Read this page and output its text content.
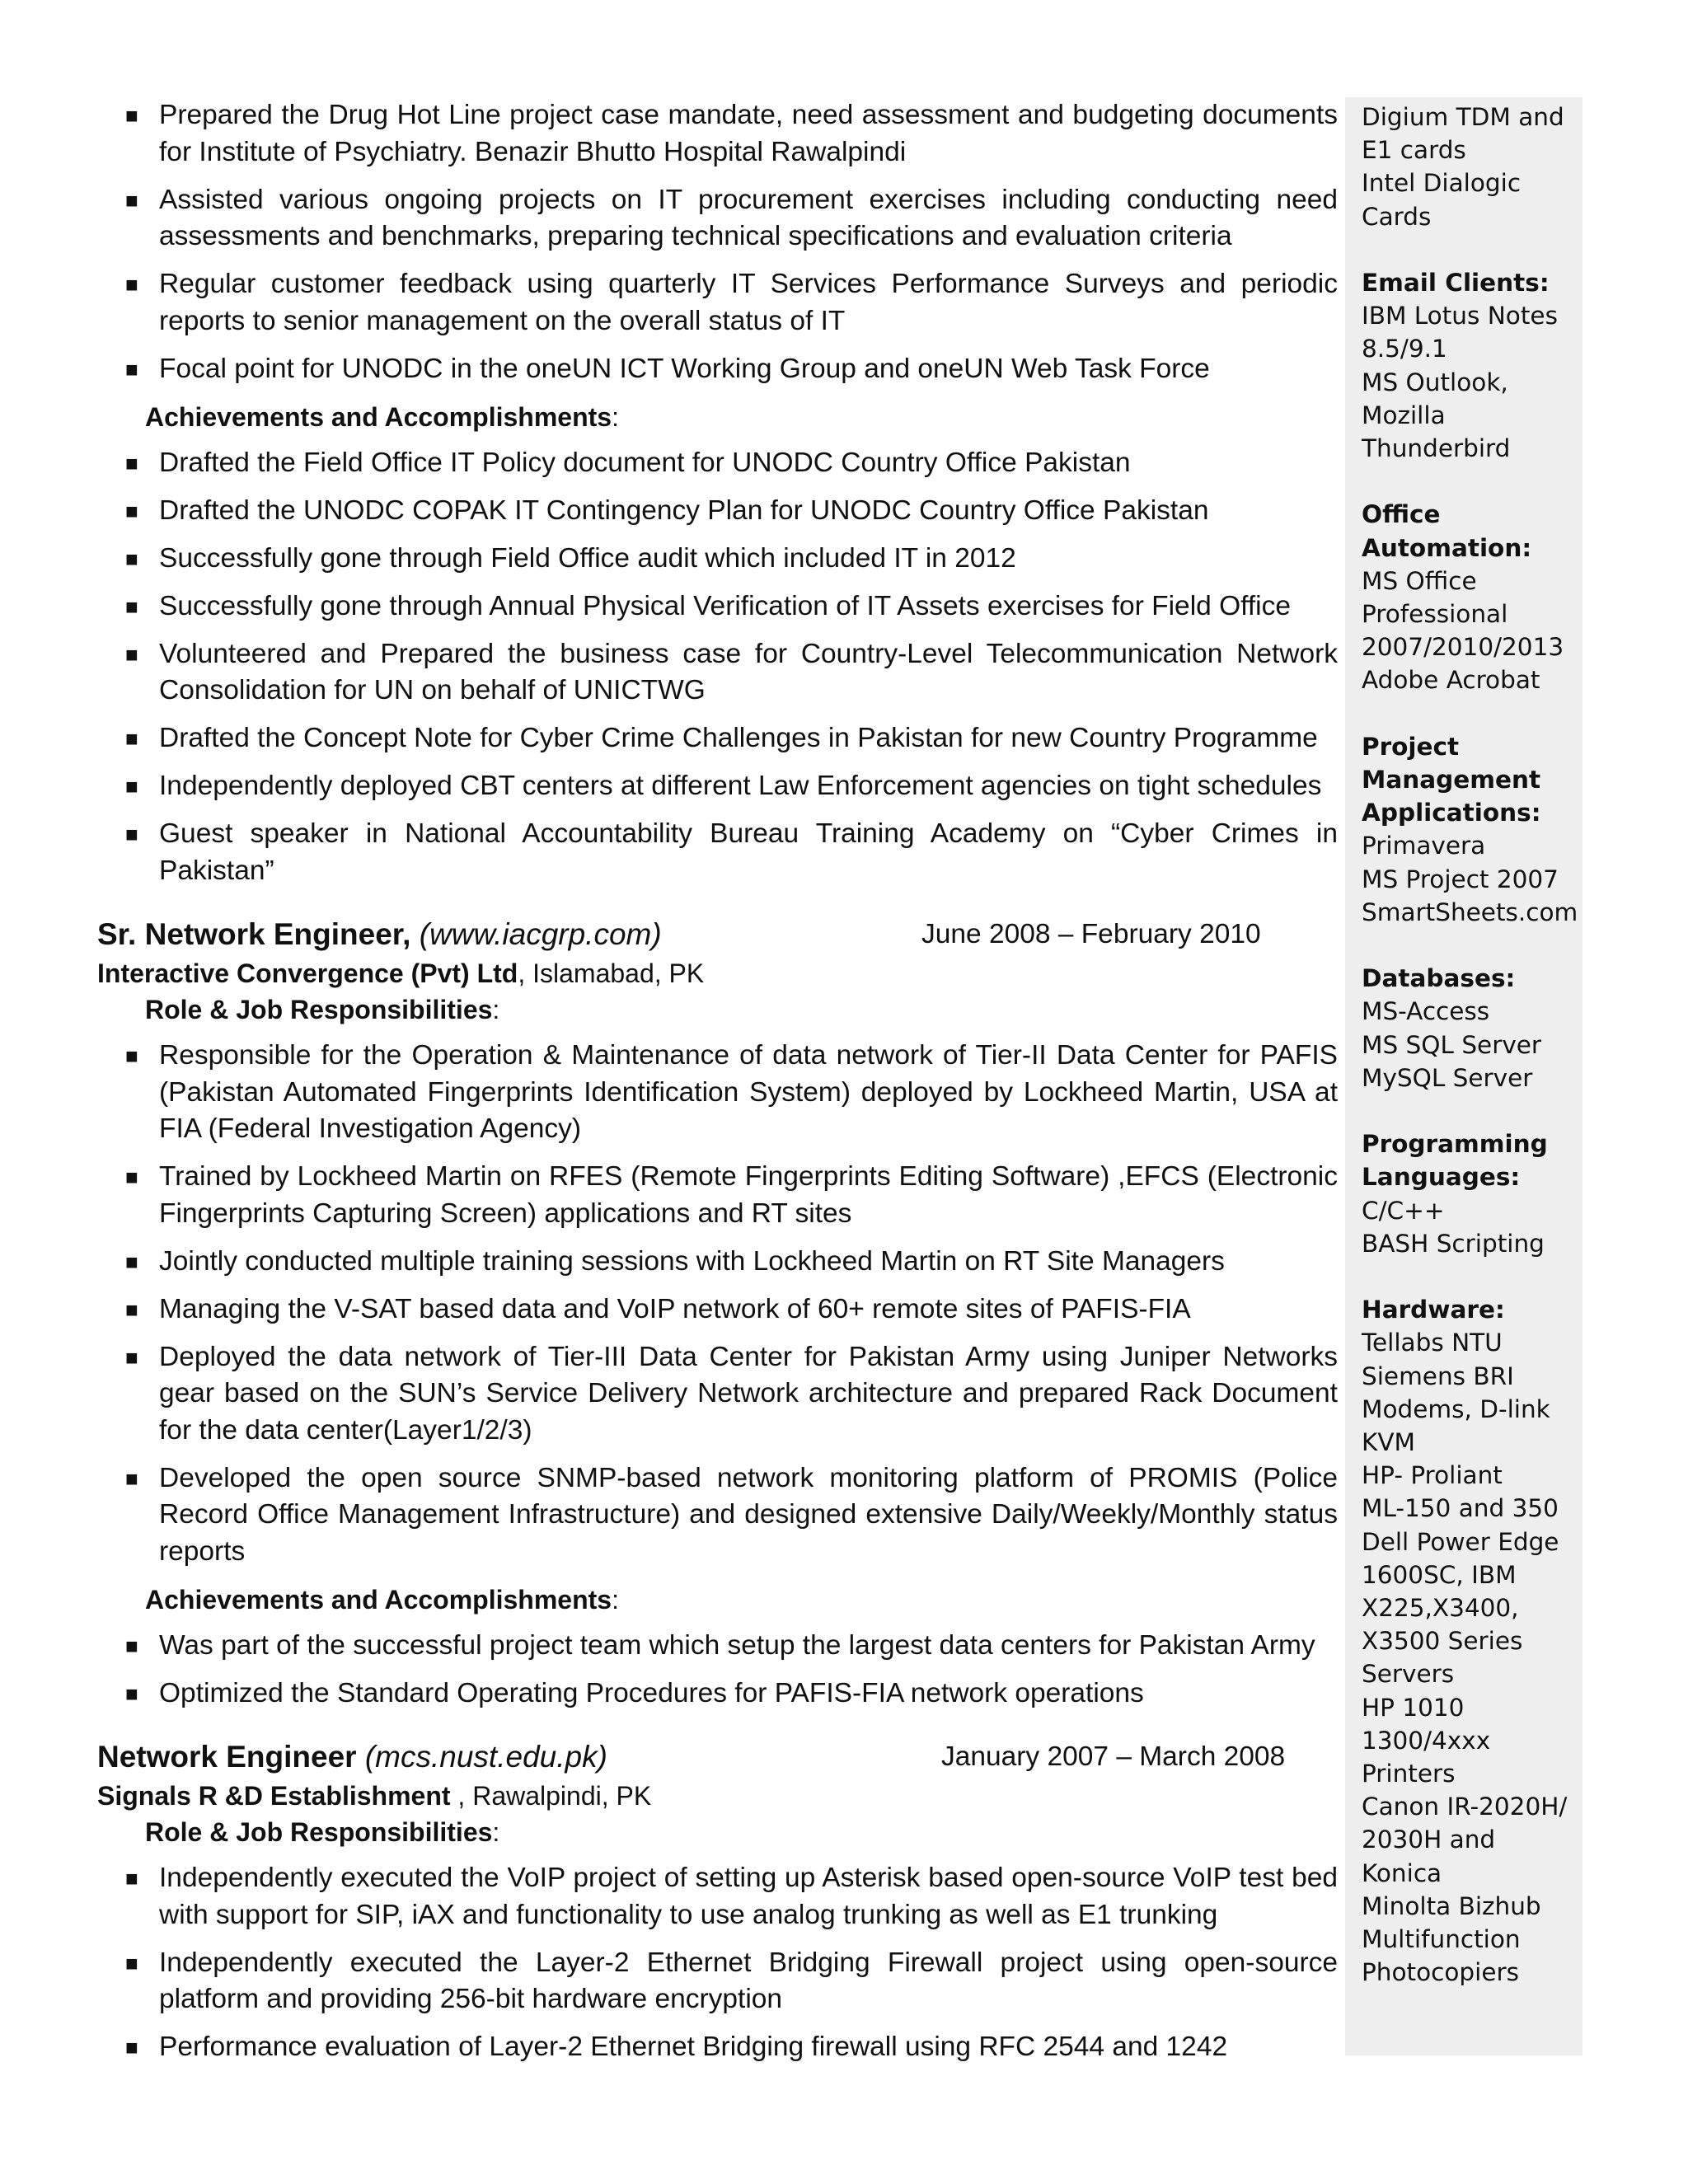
■ Prepared the Drug Hot Line project case mandate, need assessment and budgeting documents for Institute of Psychiatry. Benazir Bhutto Hospital Rawalpindi
■ Assisted various ongoing projects on IT procurement exercises including conducting need assessments and benchmarks, preparing technical specifications and evaluation criteria
■ Regular customer feedback using quarterly IT Services Performance Surveys and periodic reports to senior management on the overall status of IT
■ Focal point for UNODC in the oneUN ICT Working Group and oneUN Web Task Force
Achievements and Accomplishments:
■ Drafted the Field Office IT Policy document for UNODC Country Office Pakistan
■ Drafted the UNODC COPAK IT Contingency Plan for UNODC Country Office Pakistan
■ Successfully gone through Field Office audit which included IT in 2012
■ Successfully gone through Annual Physical Verification of IT Assets exercises for Field Office
■ Volunteered and Prepared the business case for Country-Level Telecommunication Network Consolidation for UN on behalf of UNICTWG
■ Drafted the Concept Note for Cyber Crime Challenges in Pakistan for new Country Programme
■ Independently deployed CBT centers at different Law Enforcement agencies on tight schedules
■ Guest speaker in National Accountability Bureau Training Academy on “Cyber Crimes in Pakistan”
Sr. Network Engineer, (www.iacgrp.com)	June 2008 – February 2010
Interactive Convergence (Pvt) Ltd, Islamabad, PK
Role & Job Responsibilities:
■ Responsible for the Operation & Maintenance of data network of Tier-II Data Center for PAFIS (Pakistan Automated Fingerprints Identification System) deployed by Lockheed Martin, USA at FIA (Federal Investigation Agency)
■ Trained by Lockheed Martin on RFES (Remote Fingerprints Editing Software) ,EFCS (Electronic Fingerprints Capturing Screen) applications and RT sites
■ Jointly conducted multiple training sessions with Lockheed Martin on RT Site Managers
■ Managing the V-SAT based data and VoIP network of 60+ remote sites of PAFIS-FIA
■ Deployed the data network of Tier-III Data Center for Pakistan Army using Juniper Networks gear based on the SUN’s Service Delivery Network architecture and prepared Rack Document for the data center(Layer1/2/3)
■ Developed the open source SNMP-based network monitoring platform of PROMIS (Police Record Office Management Infrastructure) and designed extensive Daily/Weekly/Monthly status reports
Achievements and Accomplishments:
■ Was part of the successful project team which setup the largest data centers for Pakistan Army
■ Optimized the Standard Operating Procedures for PAFIS-FIA network operations
Network Engineer (mcs.nust.edu.pk)	January 2007 – March 2008
Signals R &D Establishment , Rawalpindi, PK
Role & Job Responsibilities:
■ Independently executed the VoIP project of setting up Asterisk based open-source VoIP test bed with support for SIP, iAX and functionality to use analog trunking as well as E1 trunking
■ Independently executed the Layer-2 Ethernet Bridging Firewall project using open-source platform and providing 256-bit hardware encryption
■ Performance evaluation of Layer-2 Ethernet Bridging firewall using RFC 2544 and 1242
Digium TDM and
E1 cards
Intel Dialogic
Cards
Email Clients:
IBM Lotus Notes
8.5/9.1
MS Outlook,
Mozilla
Thunderbird
Office
Automation:
MS Office
Professional
2007/2010/2013
Adobe Acrobat
Project
Management
Applications:
Primavera
MS Project 2007
SmartSheets.com
Databases:
MS-Access
MS SQL Server
MySQL Server
Programming
Languages:
C/C++
BASH Scripting
Hardware:
Tellabs NTU
Siemens BRI
Modems, D-link
KVM
HP- Proliant
ML-150 and 350
Dell Power Edge
1600SC, IBM
X225,X3400,
X3500 Series
Servers
HP 1010
1300/4xxx
Printers
Canon IR-2020H/
2030H and Konica
Minolta Bizhub
Multifunction
Photocopiers
